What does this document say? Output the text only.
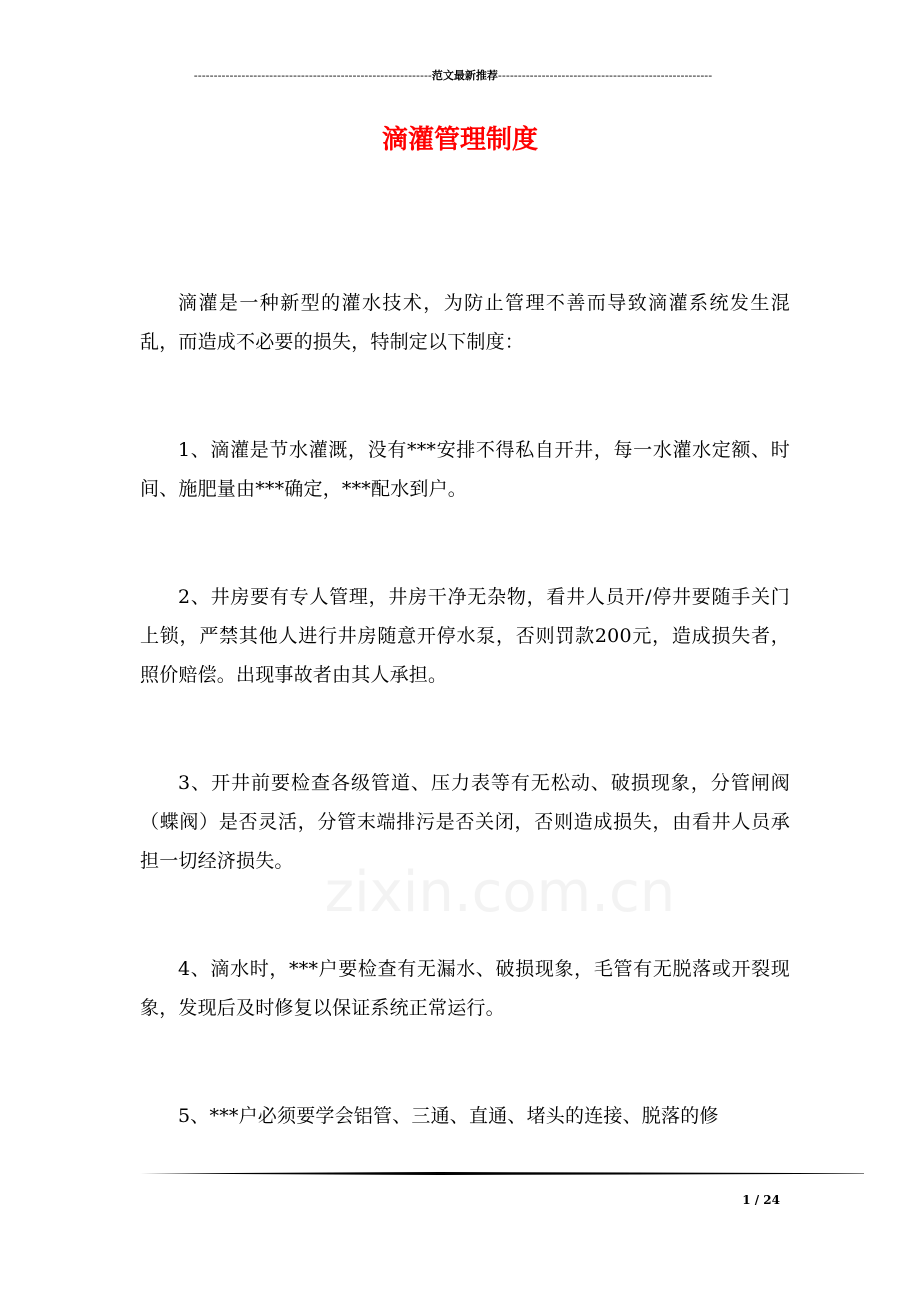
------------------------------------------------------------范文最新推荐------------------------------------------------------
滴灌管理制度
zixin.com.cn

滴灌是一种新型的灌水技术，为防止管理不善而导致滴灌系统发生混乱，而造成不必要的损失，特制定以下制度：

1、滴灌是节水灌溉，没有***安排不得私自开井，每一水灌水定额、时间、施肥量由***确定，***配水到户。

2、井房要有专人管理，井房干净无杂物，看井人员开/停井要随手关门上锁，严禁其他人进行井房随意开停水泵，否则罚款200元，造成损失者，照价赔偿。出现事故者由其人承担。

3、开井前要检查各级管道、压力表等有无松动、破损现象，分管闸阀（蝶阀）是否灵活，分管末端排污是否关闭，否则造成损失，由看井人员承担一切经济损失。

4、滴水时，***户要检查有无漏水、破损现象，毛管有无脱落或开裂现象，发现后及时修复以保证系统正常运行。

5、***户必须要学会铝管、三通、直通、堵头的连接、脱落的修

1 / 24
